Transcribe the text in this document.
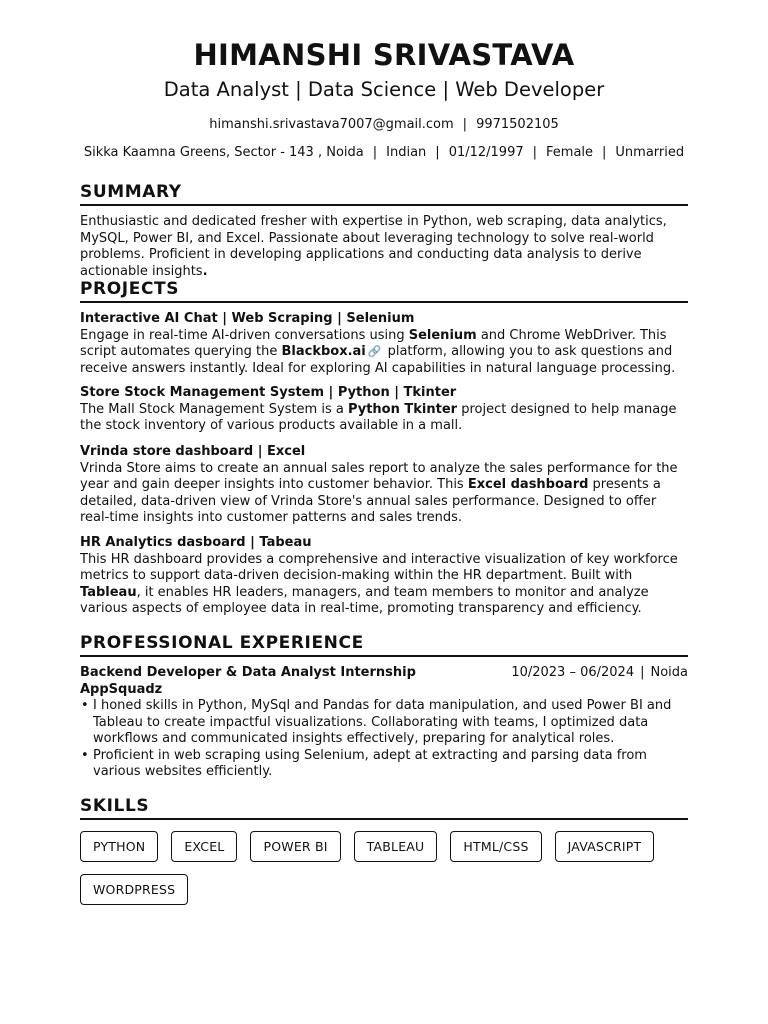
HIMANSHI SRIVASTAVA
Data Analyst | Data Science | Web Developer
himanshi.srivastava7007@gmail.com | 9971502105
Sikka Kaamna Greens, Sector - 143 , Noida | Indian | 01/12/1997 | Female | Unmarried
SUMMARY
Enthusiastic and dedicated fresher with expertise in Python, web scraping, data analytics, MySQL, Power BI, and Excel. Passionate about leveraging technology to solve real-world problems. Proficient in developing applications and conducting data analysis to derive actionable insights.
PROJECTS
Interactive AI Chat | Web Scraping | Selenium
Engage in real-time AI-driven conversations using Selenium and Chrome WebDriver. This script automates querying the Blackbox.ai 🔗 platform, allowing you to ask questions and receive answers instantly. Ideal for exploring AI capabilities in natural language processing.
Store Stock Management System | Python | Tkinter
The Mall Stock Management System is a Python Tkinter project designed to help manage the stock inventory of various products available in a mall.
Vrinda store dashboard | Excel
Vrinda Store aims to create an annual sales report to analyze the sales performance for the year and gain deeper insights into customer behavior. This Excel dashboard presents a detailed, data-driven view of Vrinda Store's annual sales performance. Designed to offer real-time insights into customer patterns and sales trends.
HR Analytics dasboard | Tabeau
This HR dashboard provides a comprehensive and interactive visualization of key workforce metrics to support data-driven decision-making within the HR department. Built with Tableau, it enables HR leaders, managers, and team members to monitor and analyze various aspects of employee data in real-time, promoting transparency and efficiency.
PROFESSIONAL EXPERIENCE
Backend Developer & Data Analyst Internship	10/2023 – 06/2024 | Noida
AppSquadz
• I honed skills in Python, MySql and Pandas for data manipulation, and used Power BI and Tableau to create impactful visualizations. Collaborating with teams, I optimized data workflows and communicated insights effectively, preparing for analytical roles.
• Proficient in web scraping using Selenium, adept at extracting and parsing data from various websites efficiently.
SKILLS
PYTHON	EXCEL	POWER BI	TABLEAU	HTML/CSS	JAVASCRIPT
WORDPRESS
